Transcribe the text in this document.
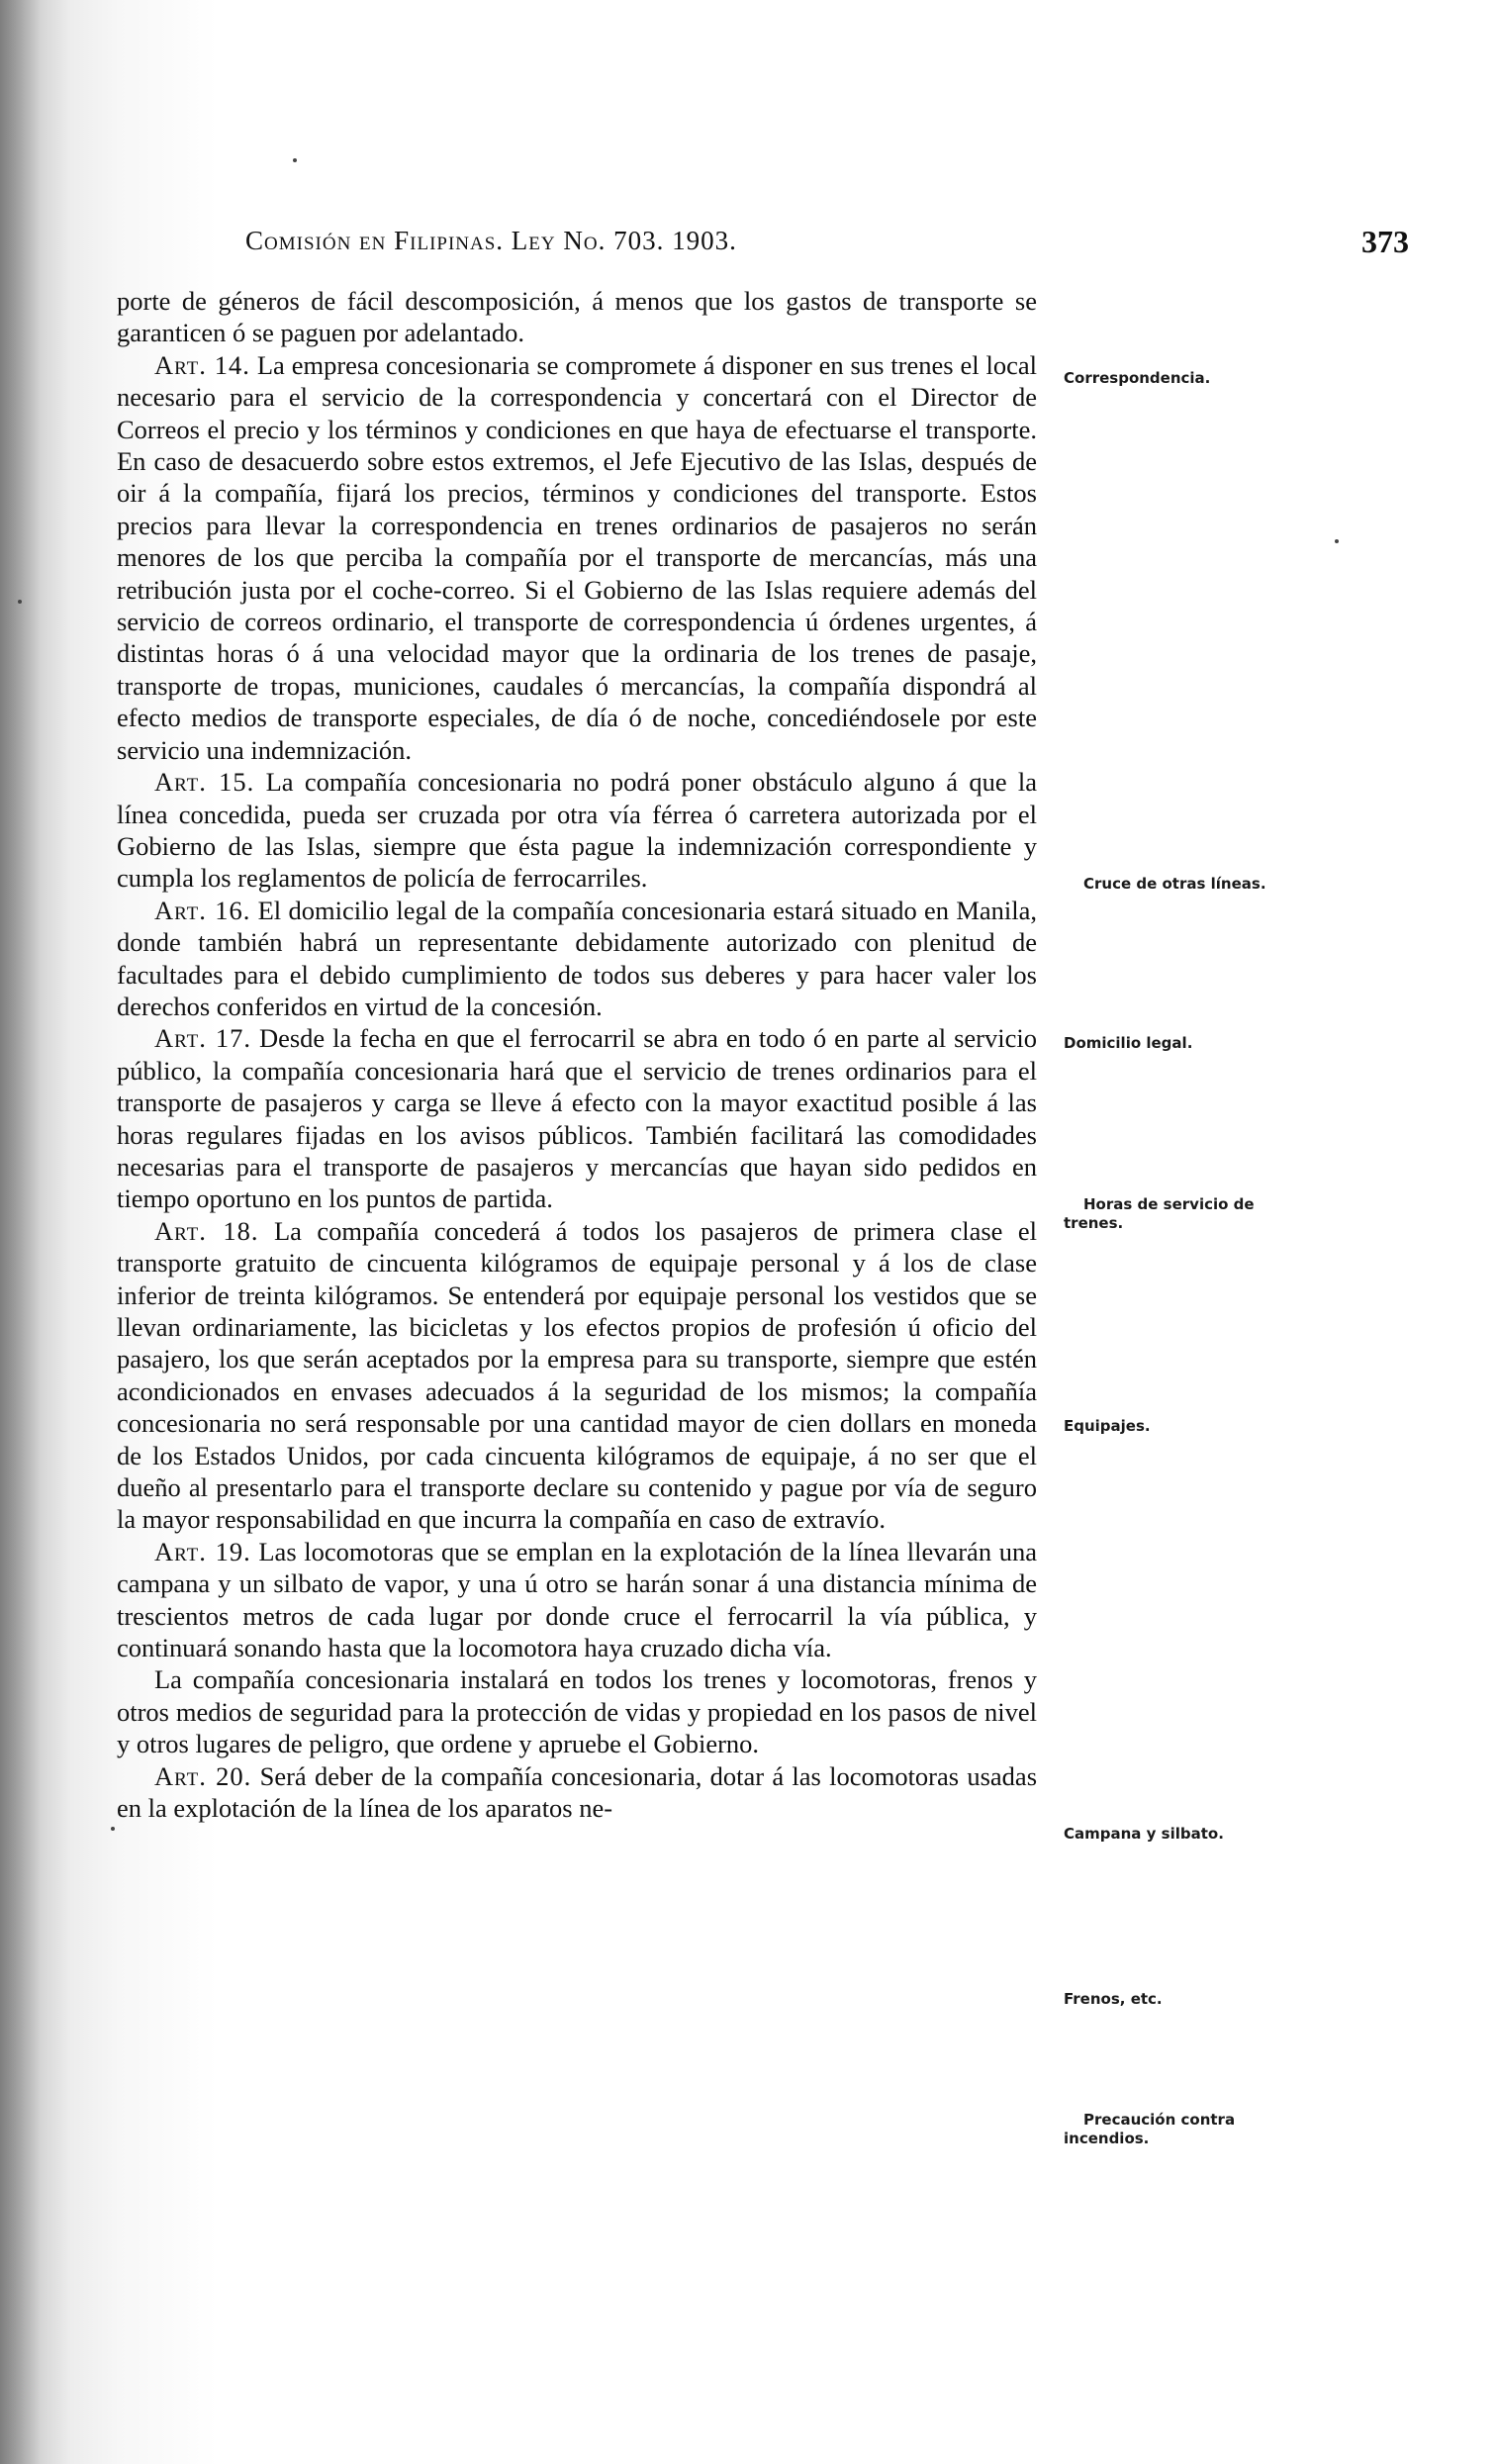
Comisión en Filipinas. Ley No. 703. 1903.	373

porte de géneros de fácil descomposición, á menos que los gastos de transporte se garanticen ó se paguen por adelantado.

Art. 14. La empresa concesionaria se compromete á disponer en sus trenes el local necesario para el servicio de la correspondencia y concertará con el Director de Correos el precio y los términos y condiciones en que haya de efectuarse el transporte. En caso de desacuerdo sobre estos extremos, el Jefe Ejecutivo de las Islas, después de oir á la compañía, fijará los precios, términos y condiciones del transporte. Estos precios para llevar la correspondencia en trenes ordinarios de pasajeros no serán menores de los que perciba la compañía por el transporte de mercancías, más una retribución justa por el coche-correo. Si el Gobierno de las Islas requiere además del servicio de correos ordinario, el transporte de correspondencia ú órdenes urgentes, á distintas horas ó á una velocidad mayor que la ordinaria de los trenes de pasaje, transporte de tropas, municiones, caudales ó mercancías, la compañía dispondrá al efecto medios de transporte especiales, de día ó de noche, concediéndosele por este servicio una indemnización.

Art. 15. La compañía concesionaria no podrá poner obstáculo alguno á que la línea concedida, pueda ser cruzada por otra vía férrea ó carretera autorizada por el Gobierno de las Islas, siempre que ésta pague la indemnización correspondiente y cumpla los reglamentos de policía de ferrocarriles.

Art. 16. El domicilio legal de la compañía concesionaria estará situado en Manila, donde también habrá un representante debidamente autorizado con plenitud de facultades para el debido cumplimiento de todos sus deberes y para hacer valer los derechos conferidos en virtud de la concesión.

Art. 17. Desde la fecha en que el ferrocarril se abra en todo ó en parte al servicio público, la compañía concesionaria hará que el servicio de trenes ordinarios para el transporte de pasajeros y carga se lleve á efecto con la mayor exactitud posible á las horas regulares fijadas en los avisos públicos. También facilitará las comodidades necesarias para el transporte de pasajeros y mercancías que hayan sido pedidos en tiempo oportuno en los puntos de partida.

Art. 18. La compañía concederá á todos los pasajeros de primera clase el transporte gratuito de cincuenta kilógramos de equipaje personal y á los de clase inferior de treinta kilógramos. Se entenderá por equipaje personal los vestidos que se llevan ordinariamente, las bicicletas y los efectos propios de profesión ú oficio del pasajero, los que serán aceptados por la empresa para su transporte, siempre que estén acondicionados en envases adecuados á la seguridad de los mismos; la compañía concesionaria no será responsable por una cantidad mayor de cien dollars en moneda de los Estados Unidos, por cada cincuenta kilógramos de equipaje, á no ser que el dueño al presentarlo para el transporte declare su contenido y pague por vía de seguro la mayor responsabilidad en que incurra la compañía en caso de extravío.

Art. 19. Las locomotoras que se emplan en la explotación de la línea llevarán una campana y un silbato de vapor, y una ú otro se harán sonar á una distancia mínima de trescientos metros de cada lugar por donde cruce el ferrocarril la vía pública, y continuará sonando hasta que la locomotora haya cruzado dicha vía.

La compañía concesionaria instalará en todos los trenes y locomotoras, frenos y otros medios de seguridad para la protección de vidas y propiedad en los pasos de nivel y otros lugares de peligro, que ordene y apruebe el Gobierno.

Art. 20. Será deber de la compañía concesionaria, dotar á las locomotoras usadas en la explotación de la línea de los aparatos ne-

Correspondencia.
Cruce de otras líneas.
Domicilio legal.
Horas de servicio de trenes.
Equipajes.
Campana y silbato.
Frenos, etc.
Precaución contra incendios.
